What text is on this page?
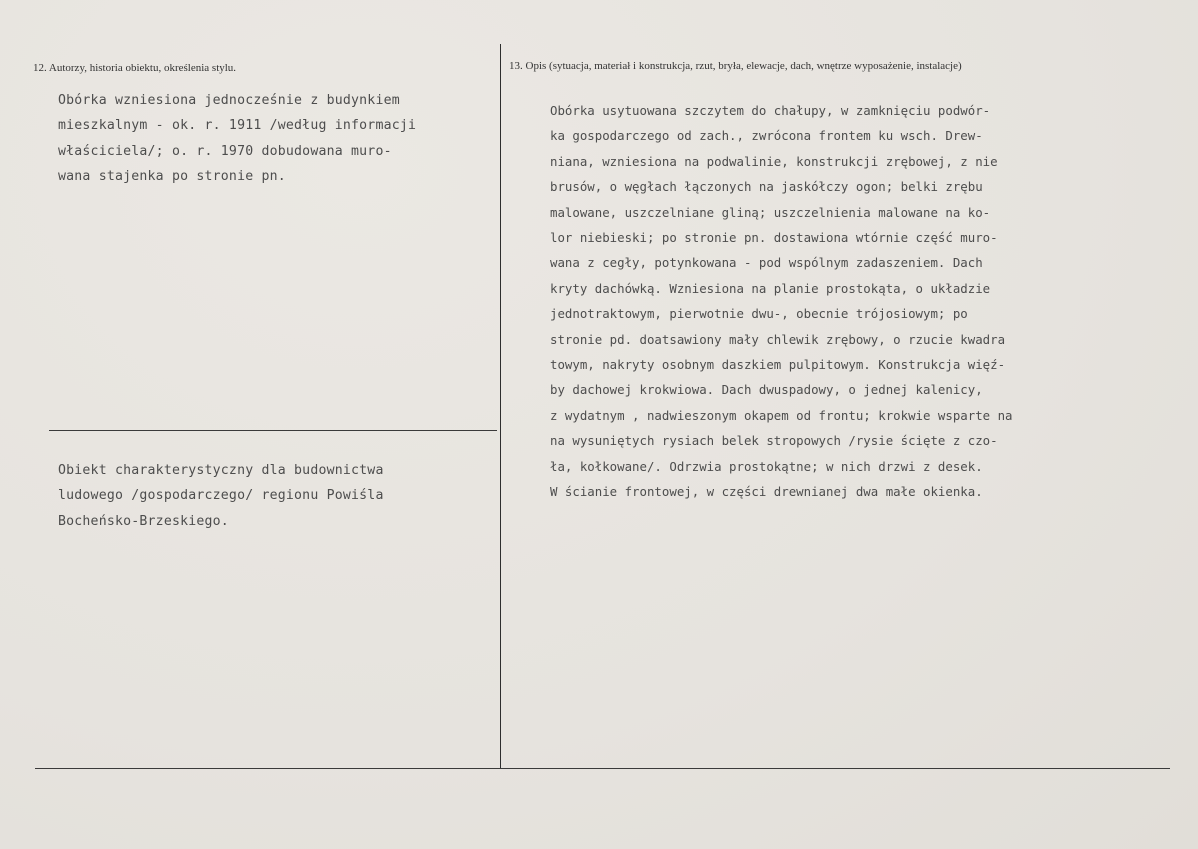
12. Autorzy, historia obiektu, określenia stylu.	13. Opis (sytuacja, materiał i konstrukcja, rzut, bryła, elewacje, dach, wnętrze wyposażenie, instalacje)
Obórka wzniesiona jednocześnie z budynkiem
mieszkalnym - ok. r. 1911 /według informacji
właściciela/; o. r. 1970 dobudowana muro-
wana stajenka po stronie pn.
Obiekt charakterystyczny dla budownictwa
ludowego /gospodarczego/ regionu Powiśla
Bocheńsko-Brzeskiego.
Obórka usytuowana szczytem do chałupy, w zamknięciu podwór-
ka gospodarczego od zach., zwrócona frontem ku wsch. Drew-
niana, wzniesiona na podwalinie, konstrukcji zrębowej, z nie
brusów, o węgłach łączonych na jaskółczy ogon; belki zrębu
malowane, uszczelniane gliną; uszczelnienia malowane na ko-
lor niebieski; po stronie pn. dostawiona wtórnie część muro-
wana z cegły, potynkowana - pod wspólnym zadaszeniem. Dach
kryty dachówką. Wzniesiona na planie prostokąta, o układzie
jednotraktowym, pierwotnie dwu-, obecnie trójosiowym; po
stronie pd. doatsawiony mały chlewik zrębowy, o rzucie kwadra
towym, nakryty osobnym daszkiem pulpitowym. Konstrukcja więź-
by dachowej krokwiowa. Dach dwuspadowy, o jednej kalenicy,
z wydatnym , nadwieszonym okapem od frontu; krokwie wsparte na
na wysuniętych rysiach belek stropowych /rysie ścięte z czo-
ła, kołkowane/. Odrzwia prostokątne; w nich drzwi z desek.
W ścianie frontowej, w części drewnianej dwa małe okienka.
